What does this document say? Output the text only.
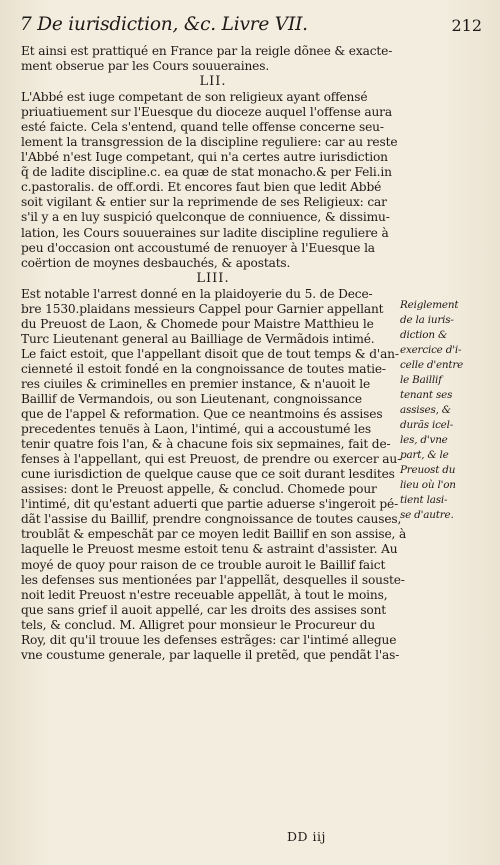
7 De iurisdiction, &c. Livre VII.	212
Et ainsi est prattiqué en France par la reigle dõnee & exacte-
ment obserue par les Cours souueraines.
LII.
L'Abbé est iuge competant de son religieux ayant offensé
priuatiuement sur l'Euesque du dioceze auquel l'offense aura
esté faicte. Cela s'entend, quand telle offense concerne seu-
lement la transgression de la discipline reguliere: car au reste
l'Abbé n'est Iuge competant, qui n'a certes autre iurisdiction
q̃ de ladite discipline.c. ea quæ de stat monacho.& per Feli.in
c.pastoralis. de off.ordi. Et encores faut bien que ledit Abbé
soit vigilant & entier sur la reprimende de ses Religieux: car
s'il y a en luy suspició quelconque de conniuence, & dissimu-
lation, les Cours souueraines sur ladite discipline reguliere à
peu d'occasion ont accoustumé de renuoyer à l'Euesque la
coërtion de moynes desbauchés, & apostats.
LIII.
Est notable l'arrest donné en la plaidoyerie du 5. de Dece-
bre 1530.plaidans messieurs Cappel pour Garnier appellant
du Preuost de Laon, & Chomede pour Maistre Matthieu le
Turc Lieutenant general au Bailliage de Vermãdois intimé.
Le faict estoit, que l'appellant disoit que de tout temps & d'an-
cienneté il estoit fondé en la congnoissance de toutes matie-
res ciuiles & criminelles en premier instance, & n'auoit le
Baillif de Vermandois, ou son Lieutenant, congnoissance
que de l'appel & reformation. Que ce neantmoins és assises
precedentes tenuës à Laon, l'intimé, qui a accoustumé les
tenir quatre fois l'an, & à chacune fois six sepmaines, fait de-
fenses à l'appellant, qui est Preuost, de prendre ou exercer au-
cune iurisdiction de quelque cause que ce soit durant lesdites
assises: dont le Preuost appelle, & conclud. Chomede pour
l'intimé, dit qu'estant aduerti que partie aduerse s'ingeroit pé-
dãt l'assise du Baillif, prendre congnoissance de toutes causes,
troublãt & empeschãt par ce moyen ledit Baillif en son assise, à
laquelle le Preuost mesme estoit tenu & astraint d'assister. Au
moyé de quoy pour raison de ce trouble auroit le Baillif faict
les defenses sus mentionées par l'appellãt, desquelles il souste-
noit ledit Preuost n'estre receuable appellãt, à tout le moins,
que sans grief il auoit appellé, car les droits des assises sont
tels, & conclud. M. Alligret pour monsieur le Procureur du
Roy, dit qu'il trouue les defenses estrãges: car l'intimé allegue
vne coustume generale, par laquelle il pretẽd, que pendãt l'as-
Reiglement
de la iuris-
diction &
exercice d'i-
celle d'entre
le Baillif
tenant ses
assises, &
durãs icel-
les, d'vne
part, & le
Preuost du
lieu où l'on
tient lasi-
se d'autre.
DD iij
